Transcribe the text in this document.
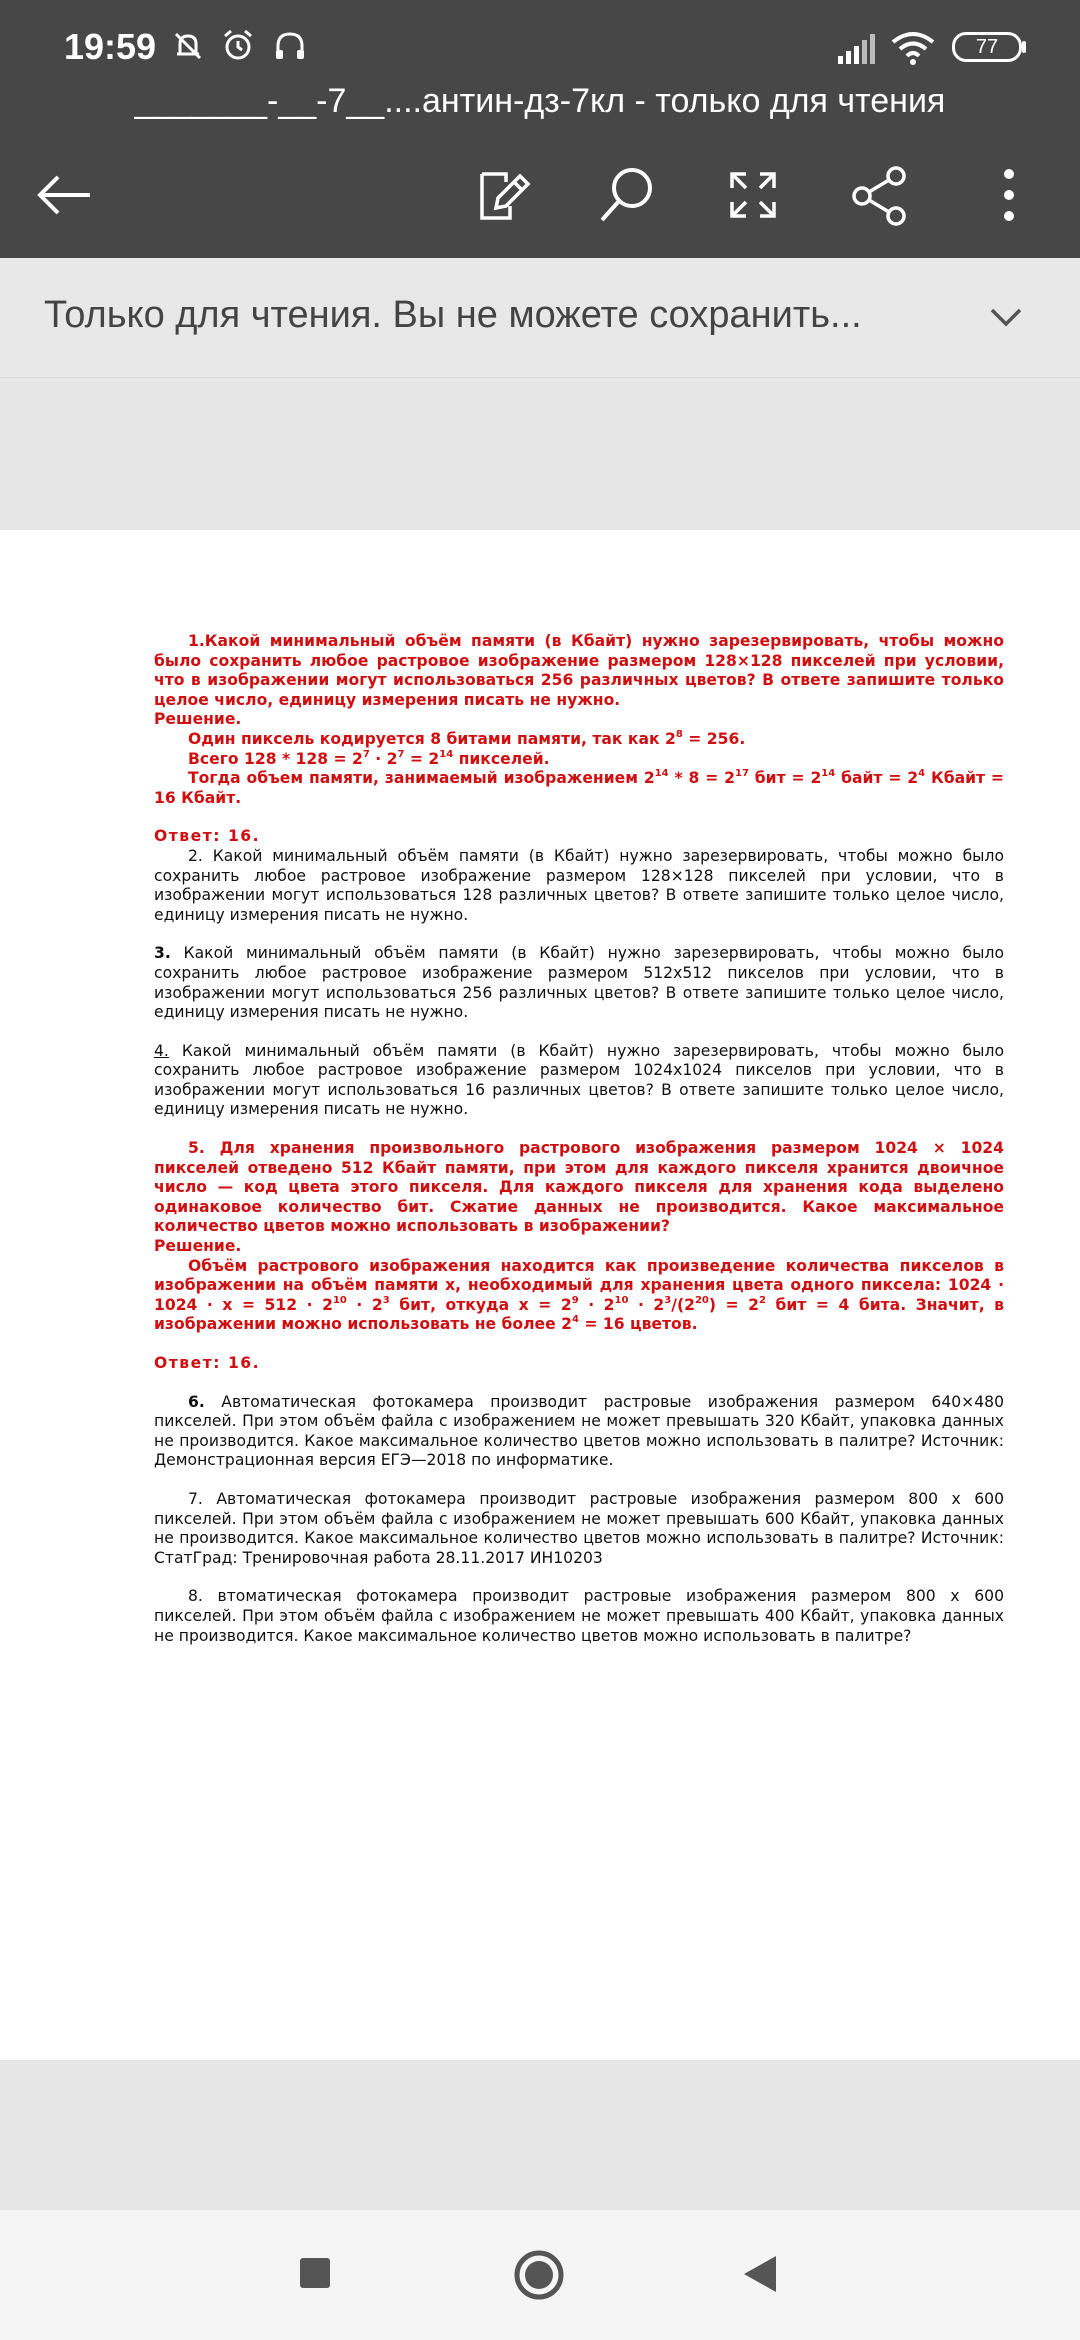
19:59	77
_______-__-7__....антин-дз-7кл - только для чтения
Только для чтения. Вы не можете сохранить...

1.Какой минимальный объём памяти (в Кбайт) нужно зарезервировать, чтобы можно было сохранить любое растровое изображение размером 128×128 пикселей при условии, что в изображении могут использоваться 256 различных цветов? В ответе запишите только целое число, единицу измерения писать не нужно.

Решение.

Один пиксель кодируется 8 битами памяти, так как $2^8 = 256$.

Всего $128 * 128 = 2^7 \cdot 2^7 = 2^{14}$ пикселей.

Тогда объем памяти, занимаемый изображением $2^{14} * 8 = 2^{17}$ бит = $2^{14}$ байт = $2^4$ Кбайт = 16 Кбайт.

Ответ: 16.

2. Какой минимальный объём памяти (в Кбайт) нужно зарезервировать, чтобы можно было сохранить любое растровое изображение размером 128×128 пикселей при условии, что в изображении могут использоваться 128 различных цветов? В ответе запишите только целое число, единицу измерения писать не нужно.

3. Какой минимальный объём памяти (в Кбайт) нужно зарезервировать, чтобы можно было сохранить любое растровое изображение размером 512x512 пикселов при условии, что в изображении могут использоваться 256 различных цветов? В ответе запишите только целое число, единицу измерения писать не нужно.

4. Какой минимальный объём памяти (в Кбайт) нужно зарезервировать, чтобы можно было сохранить любое растровое изображение размером 1024x1024 пикселов при условии, что в изображении могут использоваться 16 различных цветов? В ответе запишите только целое число, единицу измерения писать не нужно.

5. Для хранения произвольного растрового изображения размером 1024 × 1024 пикселей отведено 512 Кбайт памяти, при этом для каждого пикселя хранится двоичное число — код цвета этого пикселя. Для каждого пикселя для хранения кода выделено одинаковое количество бит. Сжатие данных не производится. Какое максимальное количество цветов можно использовать в изображении?

Решение.

Объём растрового изображения находится как произведение количества пикселов в изображении на объём памяти x, необходимый для хранения цвета одного пиксела: $1024 \cdot 1024 \cdot x = 512 \cdot 2^{10} \cdot 2^3$ бит, откуда $x = 2^9 \cdot 2^{10} \cdot 2^3/(2^{20}) = 2^2$ бит = 4 бита. Значит, в изображении можно использовать не более $2^4 = 16$ цветов.

Ответ: 16.

6. Автоматическая фотокамера производит растровые изображения размером 640×480 пикселей. При этом объём файла с изображением не может превышать 320 Кбайт, упаковка данных не производится. Какое максимальное количество цветов можно использовать в палитре? Источник: Демонстрационная версия ЕГЭ—2018 по информатике.

7. Автоматическая фотокамера производит растровые изображения размером 800 x 600 пикселей. При этом объём файла с изображением не может превышать 600 Кбайт, упаковка данных не производится. Какое максимальное количество цветов можно использовать в палитре? Источник: СтатГрад: Тренировочная работа 28.11.2017 ИН10203

8. втоматическая фотокамера производит растровые изображения размером 800 x 600 пикселей. При этом объём файла с изображением не может превышать 400 Кбайт, упаковка данных не производится. Какое максимальное количество цветов можно использовать в палитре?
